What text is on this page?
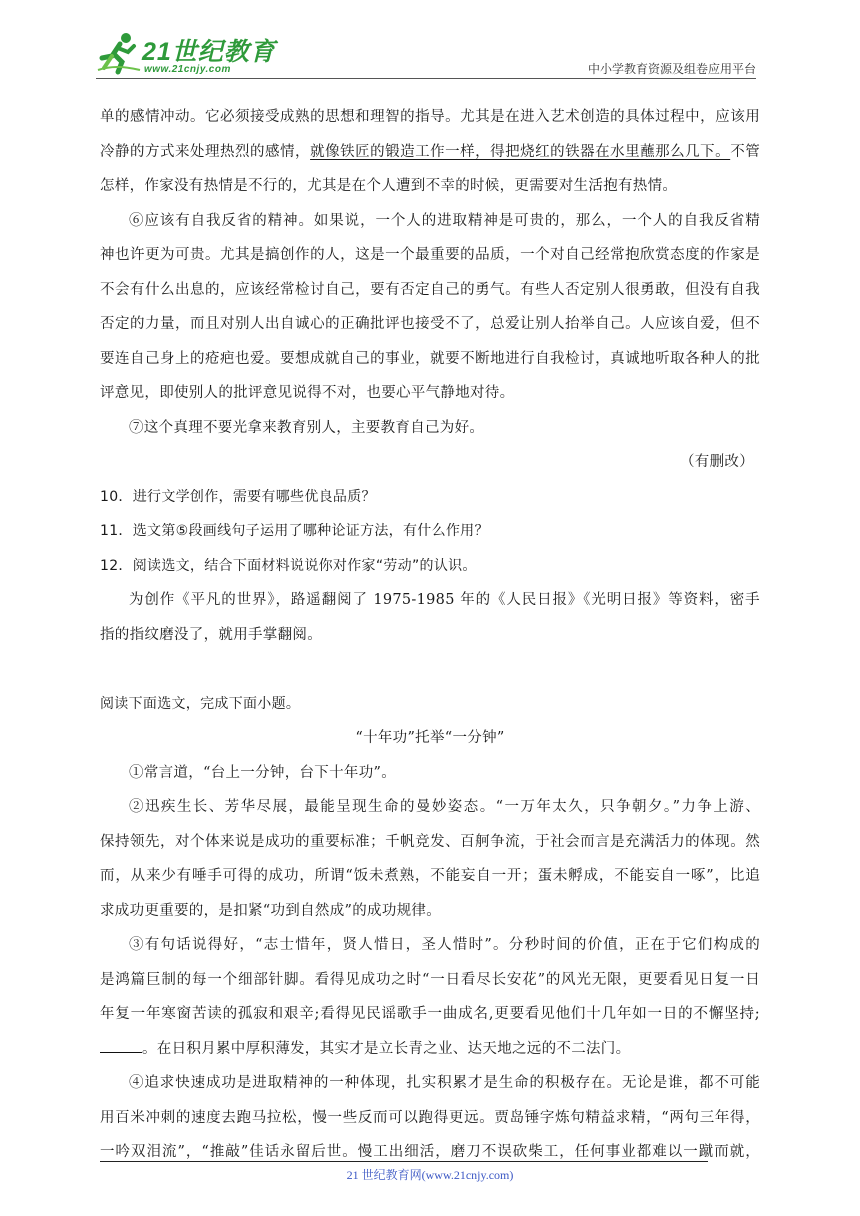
21世纪教育
www.21cnjy.com	中小学教育资源及组卷应用平台
单的感情冲动。它必须接受成熟的思想和理智的指导。尤其是在进入艺术创造的具体过程中，应该用
冷静的方式来处理热烈的感情，就像铁匠的锻造工作一样，得把烧红的铁器在水里蘸那么几下。不管
怎样，作家没有热情是不行的，尤其是在个人遭到不幸的时候，更需要对生活抱有热情。
⑥应该有自我反省的精神。如果说，一个人的进取精神是可贵的，那么，一个人的自我反省精
神也许更为可贵。尤其是搞创作的人，这是一个最重要的品质，一个对自己经常抱欣赏态度的作家是
不会有什么出息的，应该经常检讨自己，要有否定自己的勇气。有些人否定别人很勇敢，但没有自我
否定的力量，而且对别人出自诚心的正确批评也接受不了，总爱让别人抬举自己。人应该自爱，但不
要连自己身上的疮疤也爱。要想成就自己的事业，就要不断地进行自我检讨，真诚地听取各种人的批
评意见，即使别人的批评意见说得不对，也要心平气静地对待。
⑦这个真理不要光拿来教育别人，主要教育自己为好。
（有删改）
10．进行文学创作，需要有哪些优良品质？
11．选文第⑤段画线句子运用了哪种论证方法，有什么作用？
12．阅读选文，结合下面材料说说你对作家“劳动”的认识。
为创作《平凡的世界》，路遥翻阅了 1975-1985 年的《人民日报》《光明日报》等资料，密手
指的指纹磨没了，就用手掌翻阅。
阅读下面选文，完成下面小题。
“十年功”托举“一分钟”
①常言道，“台上一分钟，台下十年功”。
②迅疾生长、芳华尽展，最能呈现生命的曼妙姿态。“一万年太久，只争朝夕。”力争上游、
保持领先，对个体来说是成功的重要标准；千帆竞发、百舸争流，于社会而言是充满活力的体现。然
而，从来少有唾手可得的成功，所谓“饭未煮熟，不能妄自一开；蛋未孵成，不能妄自一啄”，比追
求成功更重要的，是扣紧“功到自然成”的成功规律。
③有句话说得好，“志士惜年，贤人惜日，圣人惜时”。分秒时间的价值，正在于它们构成的
是鸿篇巨制的每一个细部针脚。看得见成功之时“一日看尽长安花”的风光无限，更要看见日复一日
年复一年寒窗苦读的孤寂和艰辛;看得见民谣歌手一曲成名,更要看见他们十几年如一日的不懈坚持;
。在日积月累中厚积薄发，其实才是立长青之业、达天地之远的不二法门。
④追求快速成功是进取精神的一种体现，扎实积累才是生命的积极存在。无论是谁，都不可能
用百米冲刺的速度去跑马拉松，慢一些反而可以跑得更远。贾岛锤字炼句精益求精，“两句三年得，
一吟双泪流”，“推敲”佳话永留后世。慢工出细活，磨刀不误砍柴工，任何事业都难以一蹴而就，
21 世纪教育网(www.21cnjy.com)
